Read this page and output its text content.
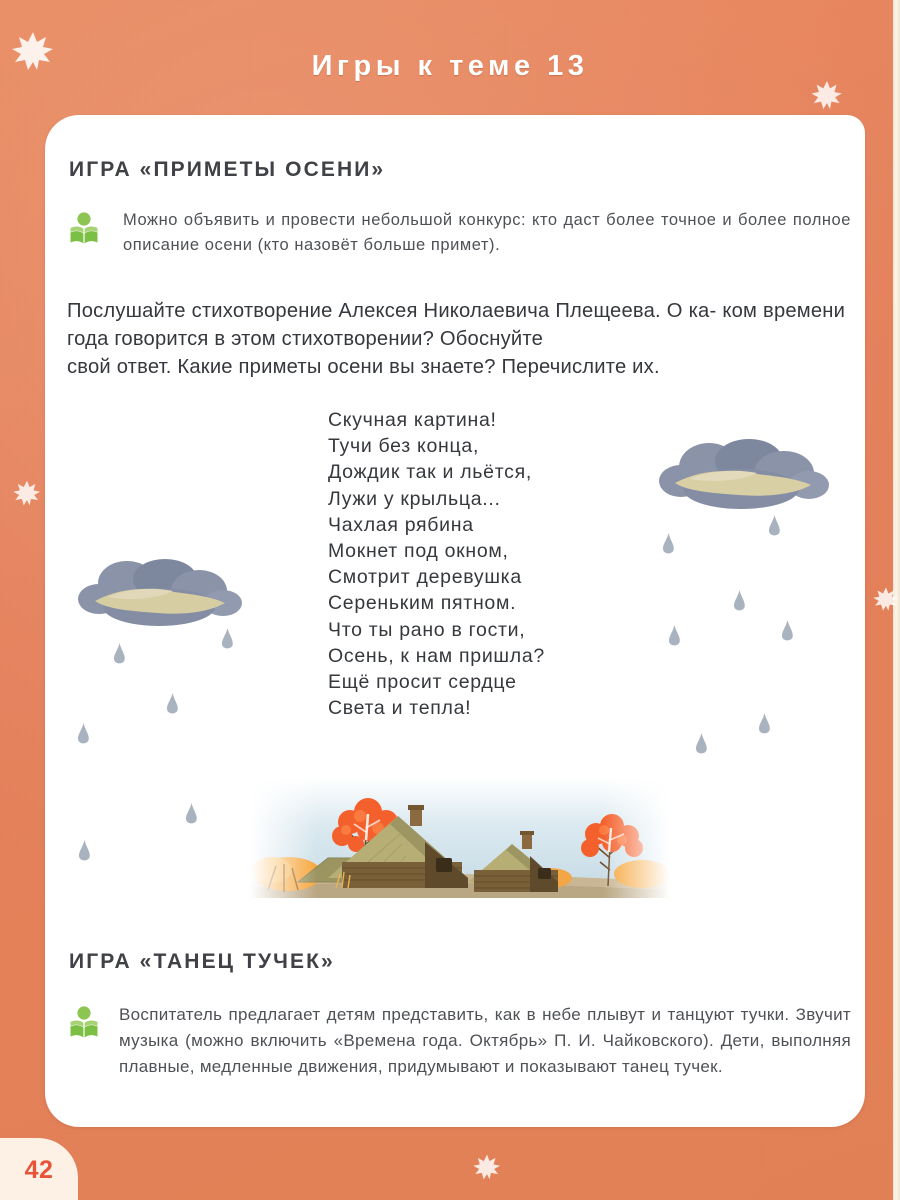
Игры к теме 13
ИГРА «ПРИМЕТЫ ОСЕНИ»
Можно объявить и провести небольшой конкурс: кто даст более точное и более полное описание осени (кто назовёт больше примет).
Послушайте стихотворение Алексея Николаевича Плещеева. О ка- ком времени года говорится в этом стихотворении? Обоснуйте
свой ответ. Какие приметы осени вы знаете? Перечислите их.
Скучная картина!
Тучи без конца,
Дождик так и льётся,
Лужи у крыльца...
Чахлая рябина
Мокнет под окном,
Смотрит деревушка
Сереньким пятном.
Что ты рано в гости,
Осень, к нам пришла?
Ещё просит сердце
Света и тепла!
ИГРА «ТАНЕЦ ТУЧЕК»
Воспитатель предлагает детям представить, как в небе плывут и танцуют тучки. Звучит музыка (можно включить «Времена года. Октябрь» П. И. Чайковского). Дети, выполняя плавные, медленные движения, придумывают и показывают танец тучек.
42
